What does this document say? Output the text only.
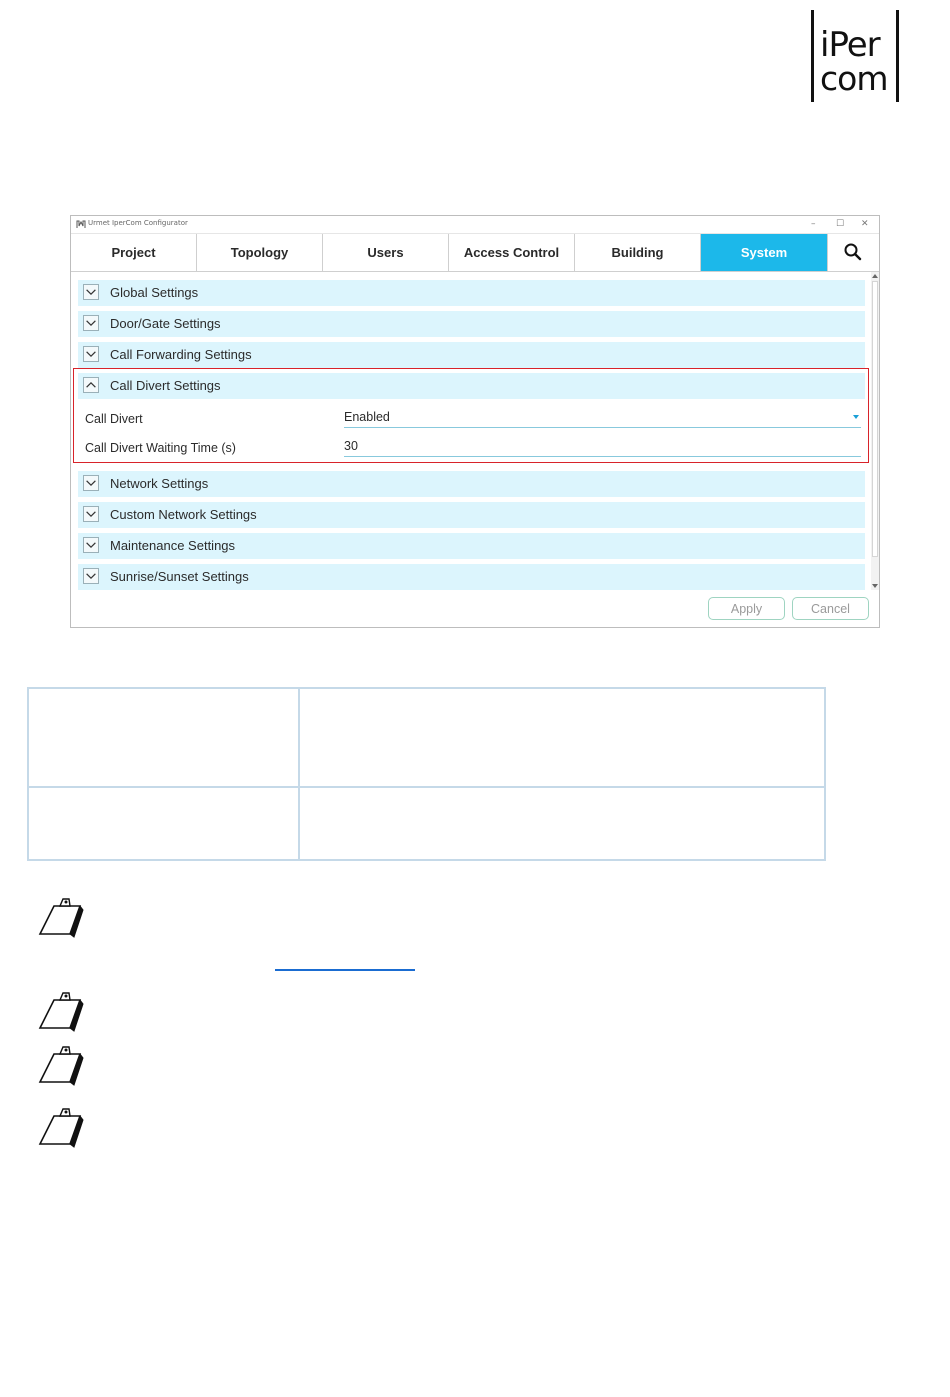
iPer
com
Urmet IperCom Configurator	– ☐ ✕
Project	Topology	Users	Access Control	Building	System
Global Settings
Door/Gate Settings
Call Forwarding Settings
Call Divert Settings
Call Divert	Enabled
Call Divert Waiting Time (s)	30
Network Settings
Custom Network Settings
Maintenance Settings
Sunrise/Sunset Settings
Apply	Cancel
